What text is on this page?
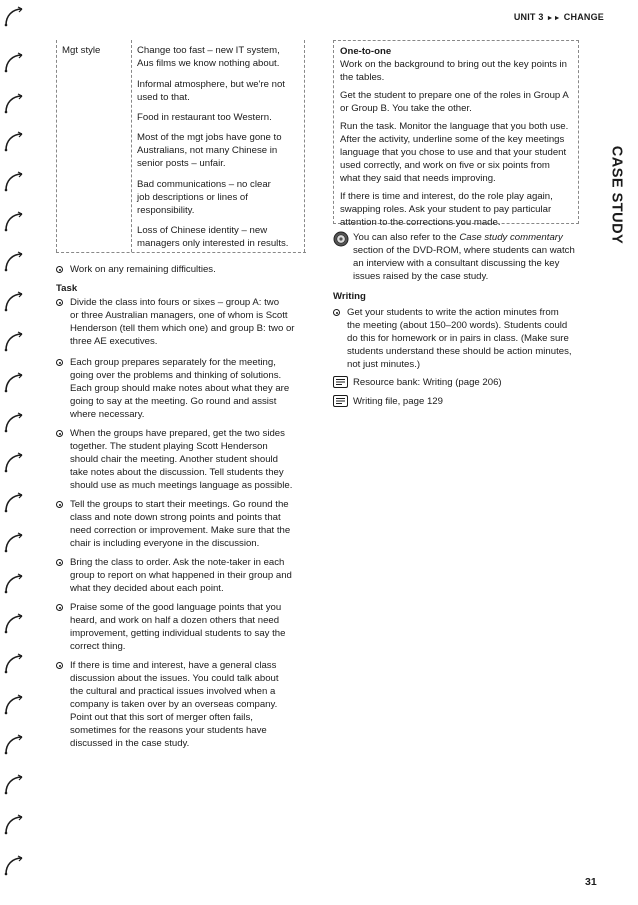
UNIT 3 ►► CHANGE
CASE STUDY
Mgt style	Change too fast – new IT system,
Aus films we know nothing about.
Informal atmosphere, but we're not
used to that.
Food in restaurant too Western.
Most of the mgt jobs have gone to
Australians, not many Chinese in
senior posts – unfair.
Bad communications – no clear
job descriptions or lines of
responsibility.
Loss of Chinese identity – new
managers only interested in results.
Work on any remaining difficulties.
Task
Divide the class into fours or sixes – group A: two
or three Australian managers, one of whom is Scott
Henderson (tell them which one) and group B: two or
three AE executives.
Each group prepares separately for the meeting,
going over the problems and thinking of solutions.
Each group should make notes about what they are
going to say at the meeting. Go round and assist
where necessary.
When the groups have prepared, get the two sides
together. The student playing Scott Henderson
should chair the meeting. Another student should
take notes about the discussion. Tell students they
should use as much meetings language as possible.
Tell the groups to start their meetings. Go round the
class and note down strong points and points that
need correction or improvement. Make sure that the
chair is including everyone in the discussion.
Bring the class to order. Ask the note-taker in each
group to report on what happened in their group and
what they decided about each point.
Praise some of the good language points that you
heard, and work on half a dozen others that need
improvement, getting individual students to say the
correct thing.
If there is time and interest, have a general class
discussion about the issues. You could talk about
the cultural and practical issues involved when a
company is taken over by an overseas company.
Point out that this sort of merger often fails,
sometimes for the reasons your students have
discussed in the case study.
One-to-one

Work on the background to bring out the key points in
the tables.

Get the student to prepare one of the roles in Group A
or Group B. You take the other.

Run the task. Monitor the language that you both use.
After the activity, underline some of the key meetings
language that you chose to use and that your student
used correctly, and work on five or six points from
what they said that needs improving.

If there is time and interest, do the role play again,
swapping roles. Ask your student to pay particular
attention to the corrections you made.

You can also refer to the Case study commentary
section of the DVD-ROM, where students can watch
an interview with a consultant discussing the key
issues raised by the case study.
Writing
Get your students to write the action minutes from
the meeting (about 150–200 words). Students could
do this for homework or in pairs in class. (Make sure
students understand these should be action minutes,
not just minutes.)
Resource bank: Writing (page 206)
Writing file, page 129
31
